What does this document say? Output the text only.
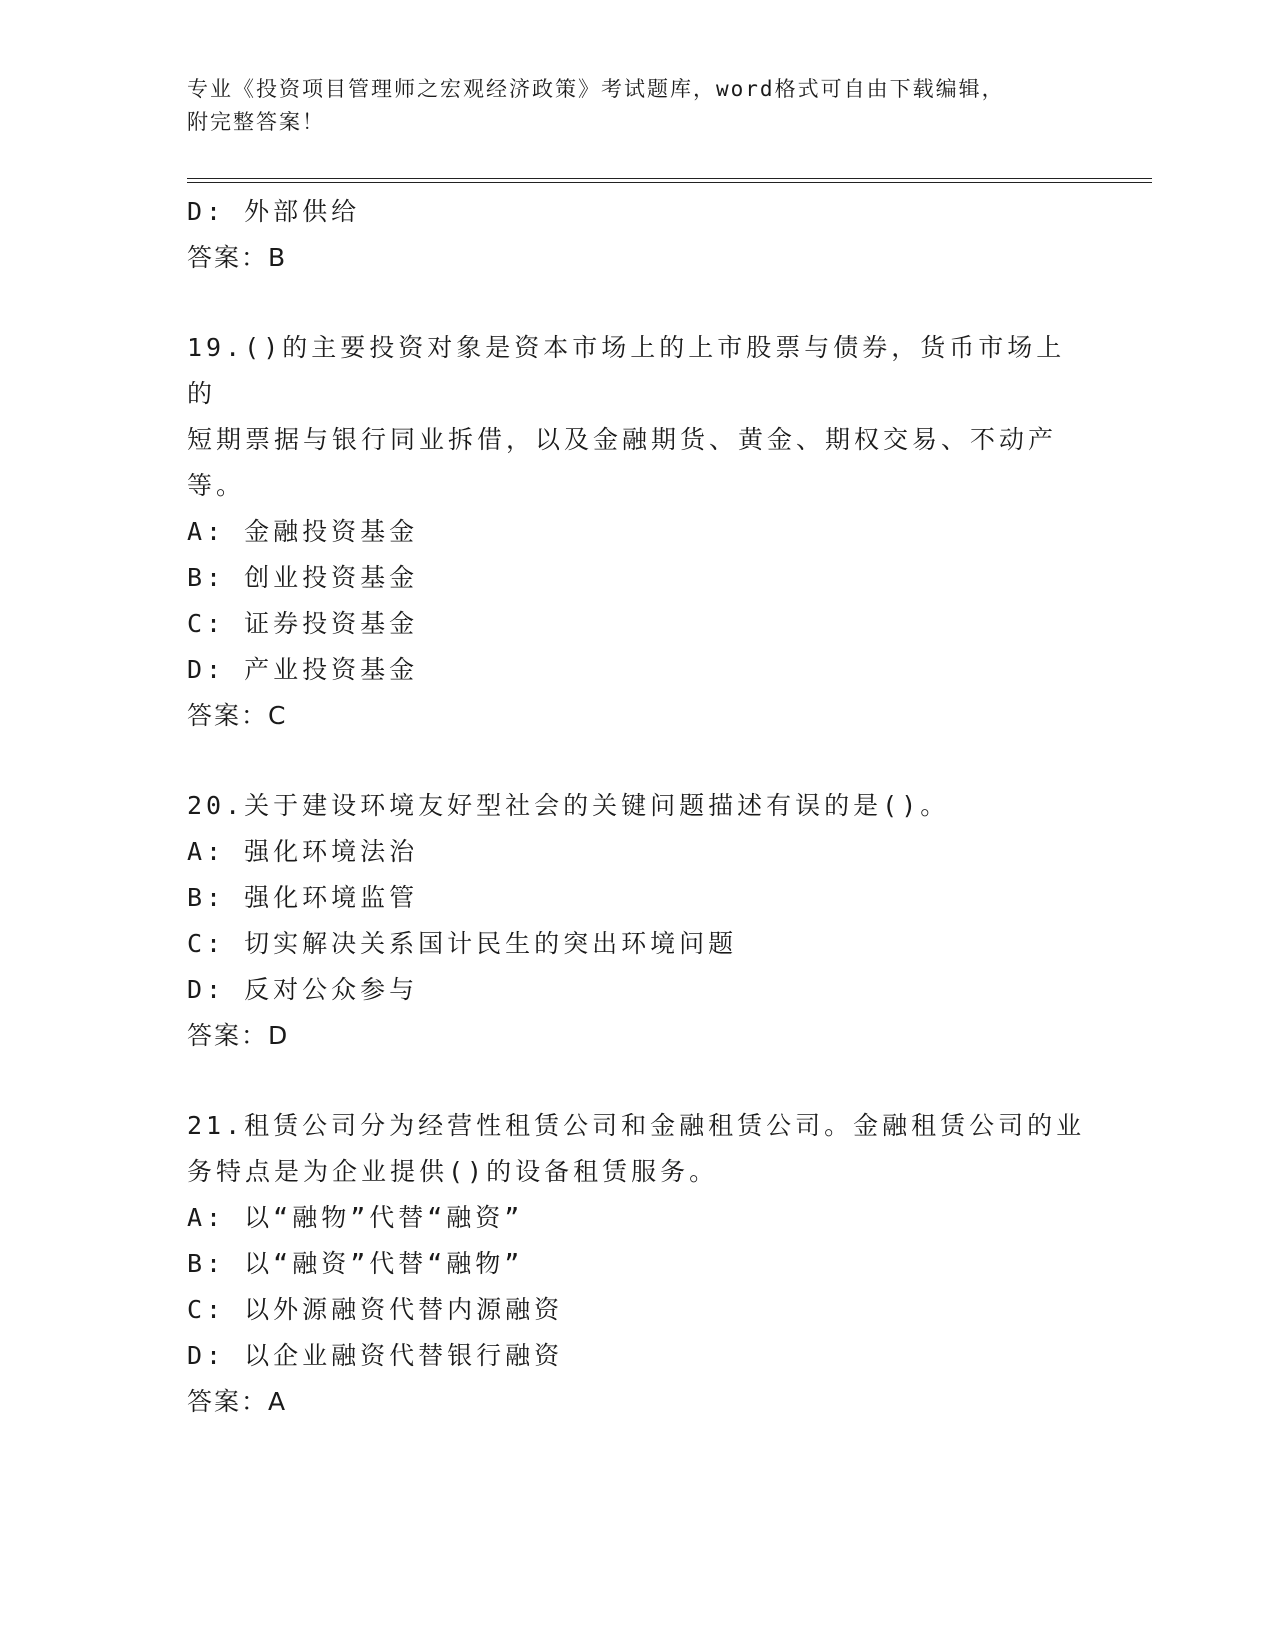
专业《投资项目管理师之宏观经济政策》考试题库，word格式可自由下载编辑，
附完整答案！
D: 外部供给
答案：B
19.()的主要投资对象是资本市场上的上市股票与债券，货币市场上的
短期票据与银行同业拆借，以及金融期货、黄金、期权交易、不动产
等。
A: 金融投资基金
B: 创业投资基金
C: 证券投资基金
D: 产业投资基金
答案：C
20.关于建设环境友好型社会的关键问题描述有误的是()。
A: 强化环境法治
B: 强化环境监管
C: 切实解决关系国计民生的突出环境问题
D: 反对公众参与
答案：D
21.租赁公司分为经营性租赁公司和金融租赁公司。金融租赁公司的业
务特点是为企业提供()的设备租赁服务。
A: 以“融物”代替“融资”
B: 以“融资”代替“融物”
C: 以外源融资代替内源融资
D: 以企业融资代替银行融资
答案：A
